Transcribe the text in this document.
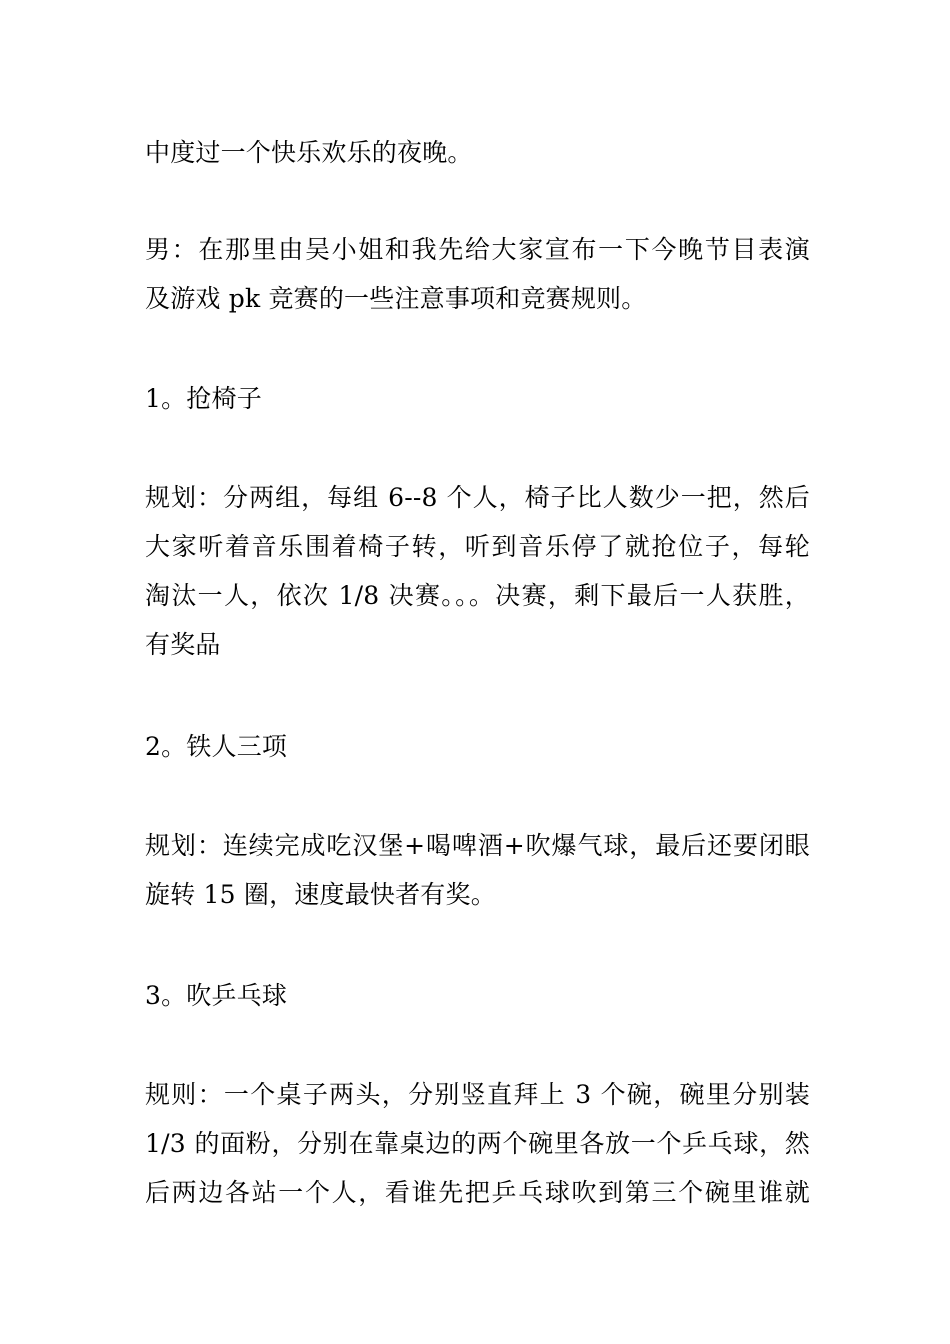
中度过一个快乐欢乐的夜晚。

男：在那里由吴小姐和我先给大家宣布一下今晚节目表演
及游戏 pk 竞赛的一些注意事项和竞赛规则。

1。抢椅子

规划：分两组，每组 6--8 个人，椅子比人数少一把，然后
大家听着音乐围着椅子转，听到音乐停了就抢位子，每轮
淘汰一人，依次 1/8 决赛。。。决赛，剩下最后一人获胜，
有奖品

2。铁人三项

规划：连续完成吃汉堡+喝啤酒+吹爆气球，最后还要闭眼
旋转 15 圈，速度最快者有奖。

3。吹乒乓球

规则：一个桌子两头，分别竖直拜上 3 个碗，碗里分别装
1/3 的面粉，分别在靠桌边的两个碗里各放一个乒乓球，然
后两边各站一个人，看谁先把乒乓球吹到第三个碗里谁就
